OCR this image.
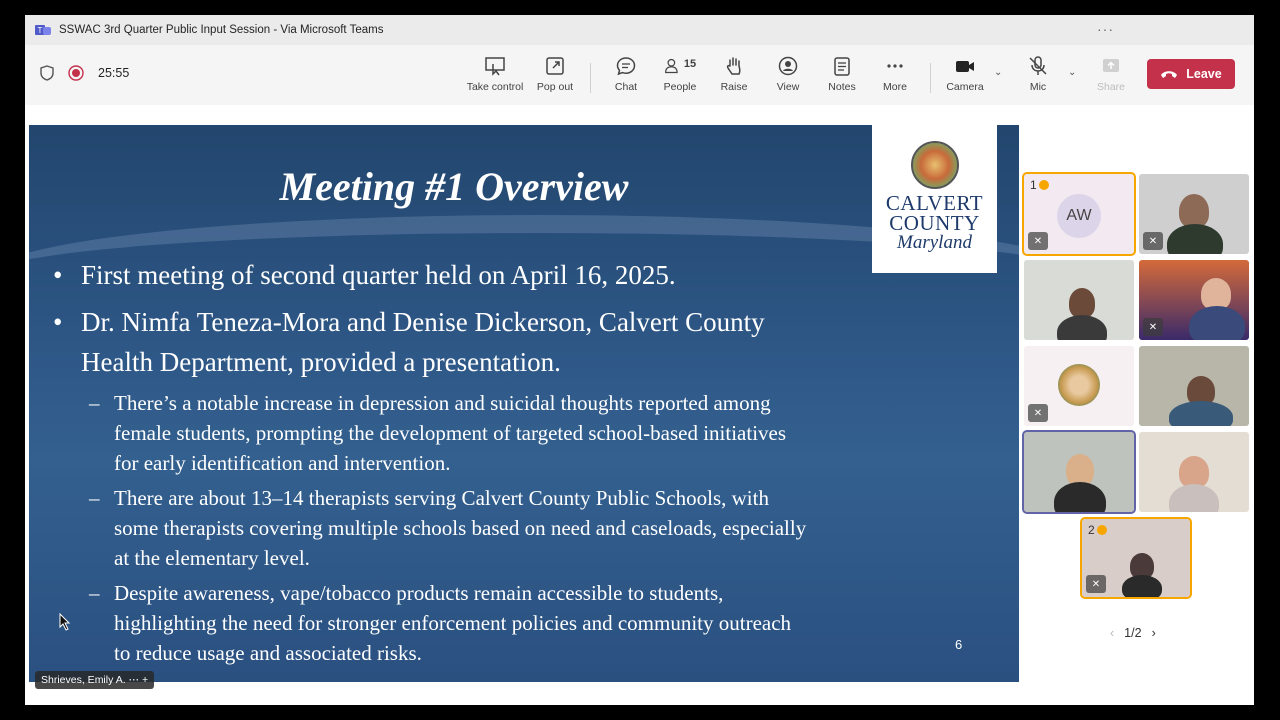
T SSWAC 3rd Quarter Public Input Session - Via Microsoft Teams	···
25:55
Take control Pop out	Chat
15
People Raise	View	Notes	More	Camera
⌄
Mic
⌄
Share
Leave
Meeting #1 Overview
• First meeting of second quarter held on April 16, 2025.
• Dr. Nimfa Teneza-Mora and Denise Dickerson, Calvert County
Health Department, provided a presentation.
– There’s a notable increase in depression and suicidal thoughts reported among
female students, prompting the development of targeted school-based initiatives
for early identification and intervention.
– There are about 13–14 therapists serving Calvert County Public Schools, with
some therapists covering multiple schools based on need and caseloads, especially
at the elementary level.
– Despite awareness, vape/tobacco products remain accessible to students,
highlighting the need for stronger enforcement policies and community outreach
to reduce usage and associated risks.	6
CALVERT
COUNTY
Maryland
Shrieves, Emily A. ⋯ +
1
AW
✕	✕
✕
✕
2
✕
‹ 1/2 ›
